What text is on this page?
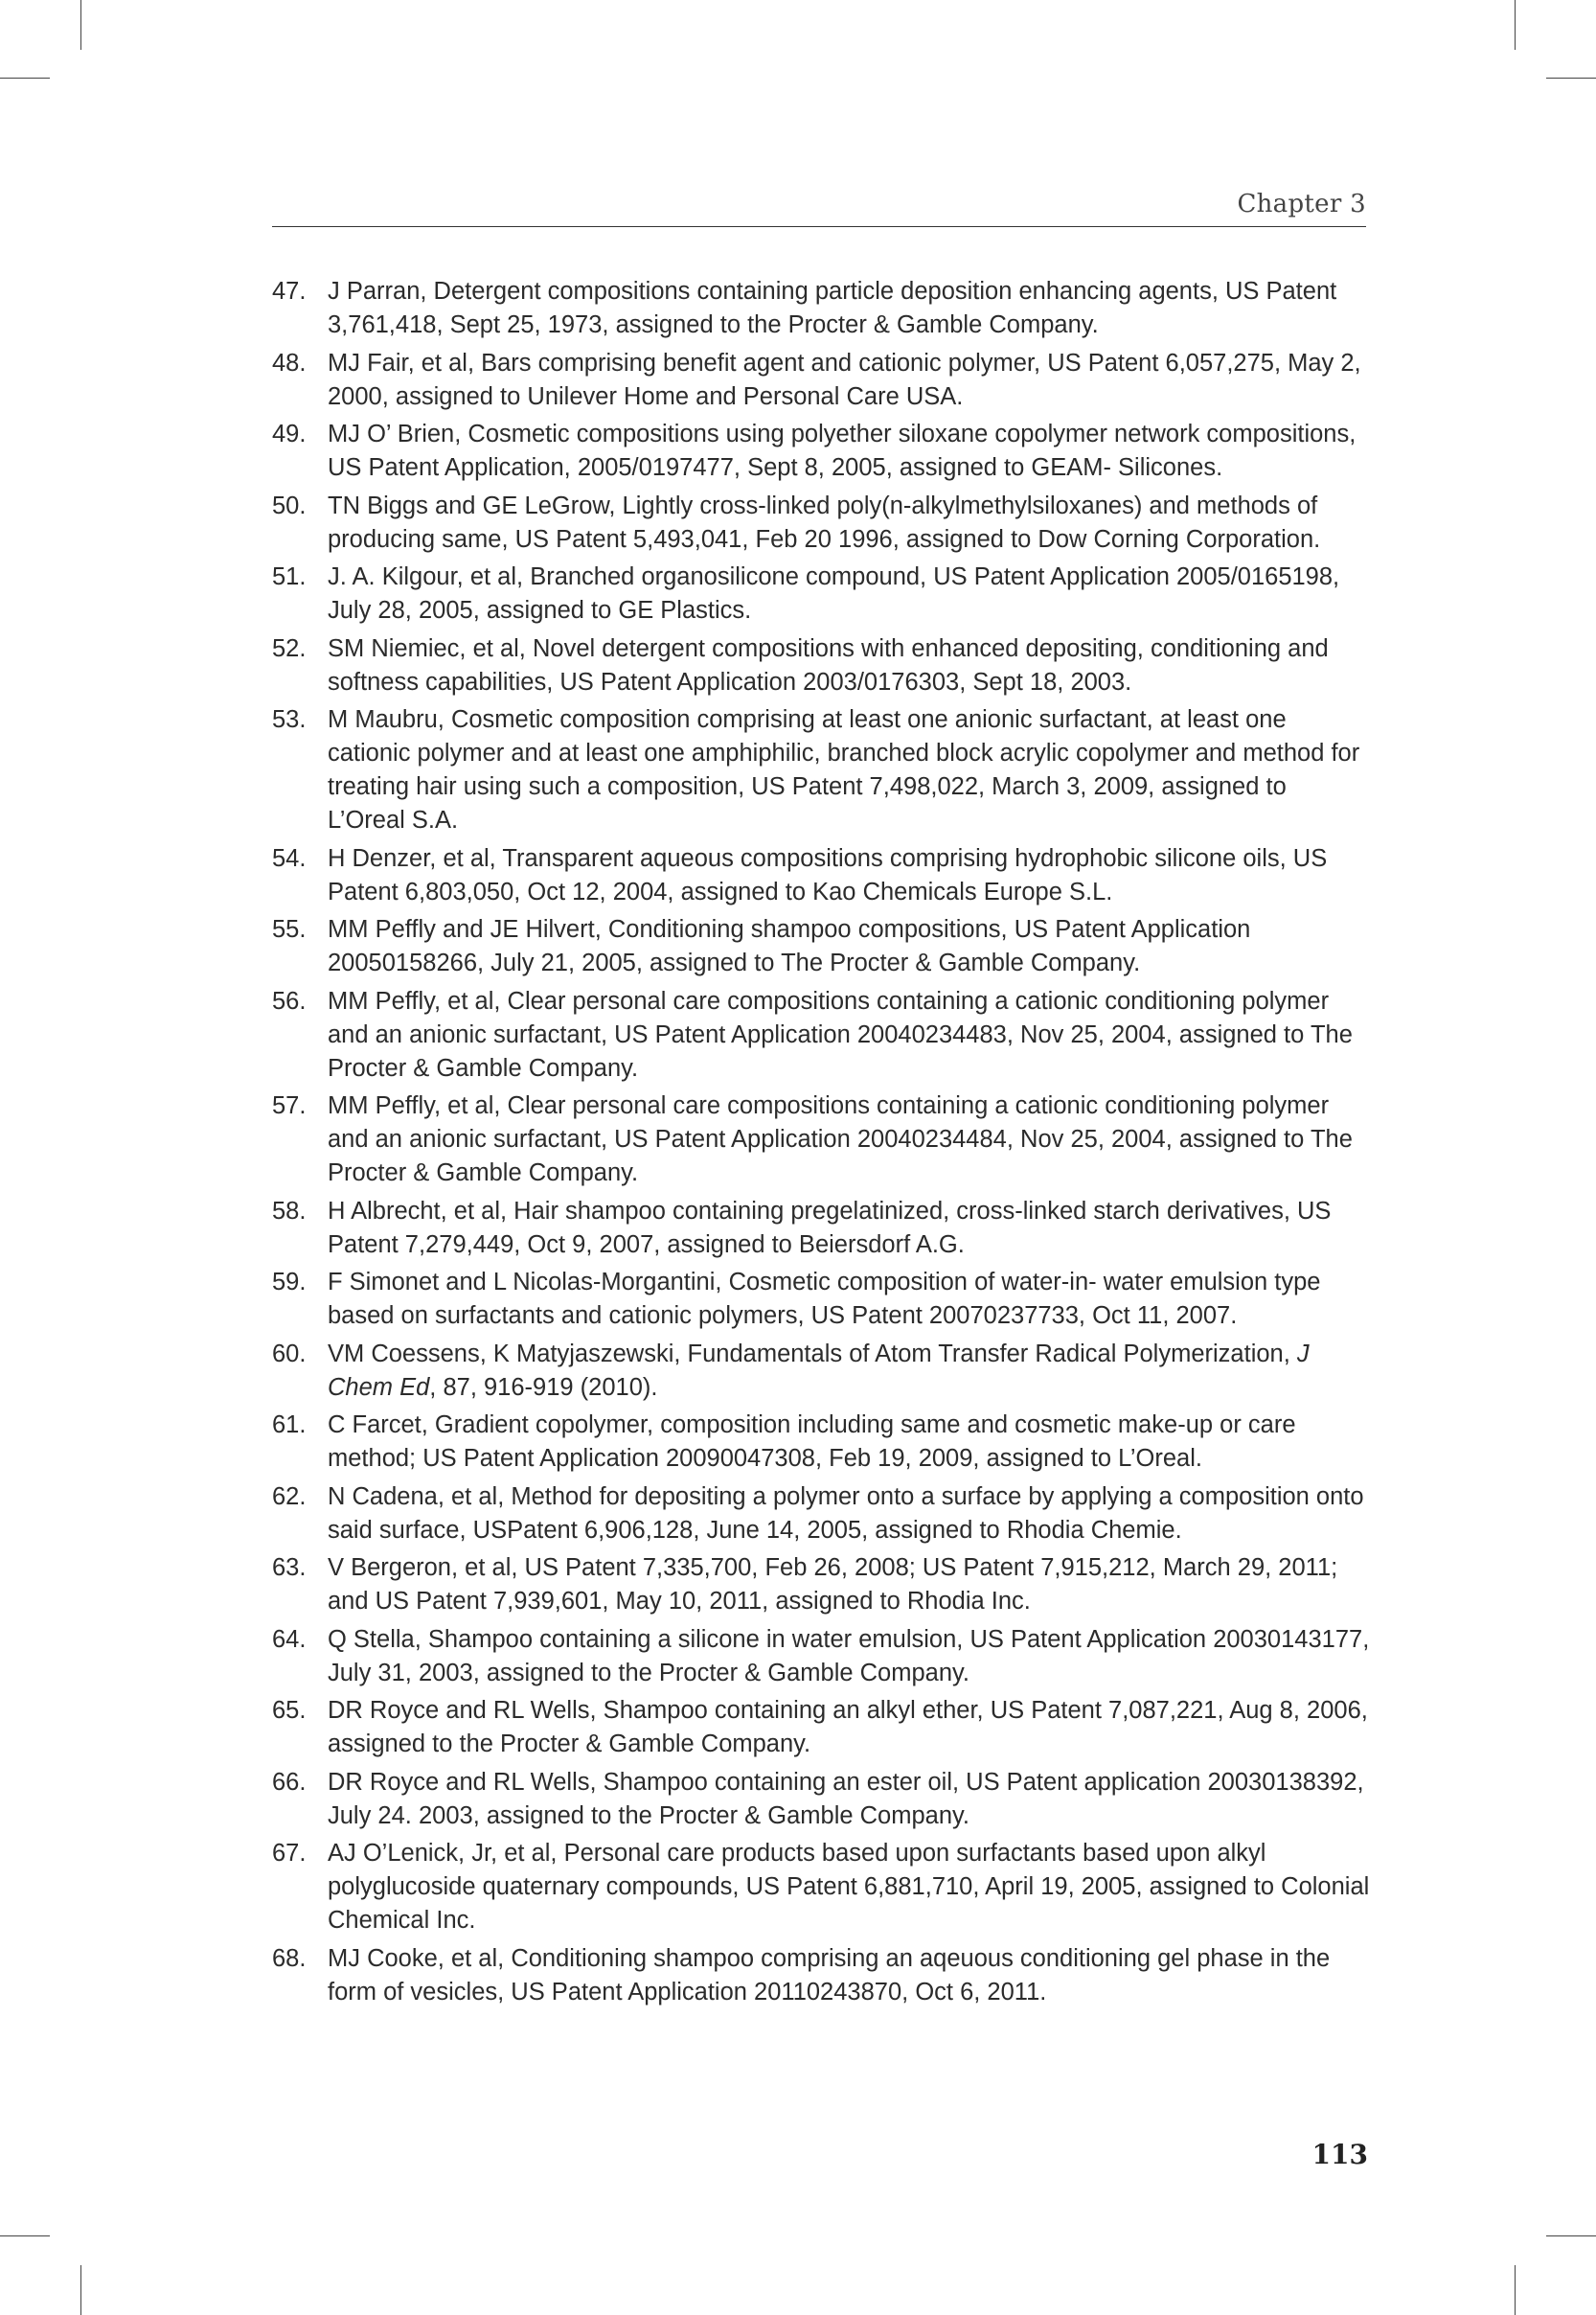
Chapter 3
47. J Parran, Detergent compositions containing particle deposition enhancing agents, US Patent 3,761,418, Sept 25, 1973, assigned to the Procter & Gamble Company.
48. MJ Fair, et al, Bars comprising benefit agent and cationic polymer, US Patent 6,057,275, May 2, 2000, assigned to Unilever Home and Personal Care USA.
49. MJ O’ Brien, Cosmetic compositions using polyether siloxane copolymer network compositions, US Patent Application, 2005/0197477, Sept 8, 2005, assigned to GEAM- Silicones.
50. TN Biggs and GE LeGrow, Lightly cross-linked poly(n-alkylmethylsiloxanes) and methods of producing same, US Patent 5,493,041, Feb 20 1996, assigned to Dow Corning Corporation.
51. J. A. Kilgour, et al, Branched organosilicone compound, US Patent Application 2005/0165198, July 28, 2005, assigned to GE Plastics.
52. SM Niemiec, et al, Novel detergent compositions with enhanced depositing, conditioning and softness capabilities, US Patent Application 2003/0176303, Sept 18, 2003.
53. M Maubru, Cosmetic composition comprising at least one anionic surfactant, at least one cationic polymer and at least one amphiphilic, branched block acrylic copolymer and method for treating hair using such a composition, US Patent 7,498,022, March 3, 2009, assigned to L’Oreal S.A.
54. H Denzer, et al, Transparent aqueous compositions comprising hydrophobic silicone oils, US Patent 6,803,050, Oct 12, 2004, assigned to Kao Chemicals Europe S.L.
55. MM Peffly and JE Hilvert, Conditioning shampoo compositions, US Patent Application 20050158266, July 21, 2005, assigned to The Procter & Gamble Company.
56. MM Peffly, et al, Clear personal care compositions containing a cationic conditioning polymer and an anionic surfactant, US Patent Application 20040234483, Nov 25, 2004, assigned to The Procter & Gamble Company.
57. MM Peffly, et al, Clear personal care compositions containing a cationic conditioning polymer and an anionic surfactant, US Patent Application 20040234484, Nov 25, 2004, assigned to The Procter & Gamble Company.
58. H Albrecht, et al, Hair shampoo containing pregelatinized, cross-linked starch derivatives, US Patent 7,279,449, Oct 9, 2007, assigned to Beiersdorf A.G.
59. F Simonet and L Nicolas-Morgantini, Cosmetic composition of water-in- water emulsion type based on surfactants and cationic polymers, US Patent 20070237733, Oct 11, 2007.
60. VM Coessens, K Matyjaszewski, Fundamentals of Atom Transfer Radical Polymerization, J Chem Ed, 87, 916-919 (2010).
61. C Farcet, Gradient copolymer, composition including same and cosmetic make-up or care method; US Patent Application 20090047308, Feb 19, 2009, assigned to L’Oreal.
62. N Cadena, et al, Method for depositing a polymer onto a surface by applying a composition onto said surface, USPatent 6,906,128, June 14, 2005, assigned to Rhodia Chemie.
63. V Bergeron, et al, US Patent 7,335,700, Feb 26, 2008; US Patent 7,915,212, March 29, 2011; and US Patent 7,939,601, May 10, 2011, assigned to Rhodia Inc.
64. Q Stella, Shampoo containing a silicone in water emulsion, US Patent Application 20030143177, July 31, 2003, assigned to the Procter & Gamble Company.
65. DR Royce and RL Wells, Shampoo containing an alkyl ether, US Patent 7,087,221, Aug 8, 2006, assigned to the Procter & Gamble Company.
66. DR Royce and RL Wells, Shampoo containing an ester oil, US Patent application 20030138392, July 24. 2003, assigned to the Procter & Gamble Company.
67. AJ O’Lenick, Jr, et al, Personal care products based upon surfactants based upon alkyl polyglucoside quaternary compounds, US Patent 6,881,710, April 19, 2005, assigned to Colonial Chemical Inc.
68. MJ Cooke, et al, Conditioning shampoo comprising an aqeuous conditioning gel phase in the form of vesicles, US Patent Application 20110243870, Oct 6, 2011.
113
